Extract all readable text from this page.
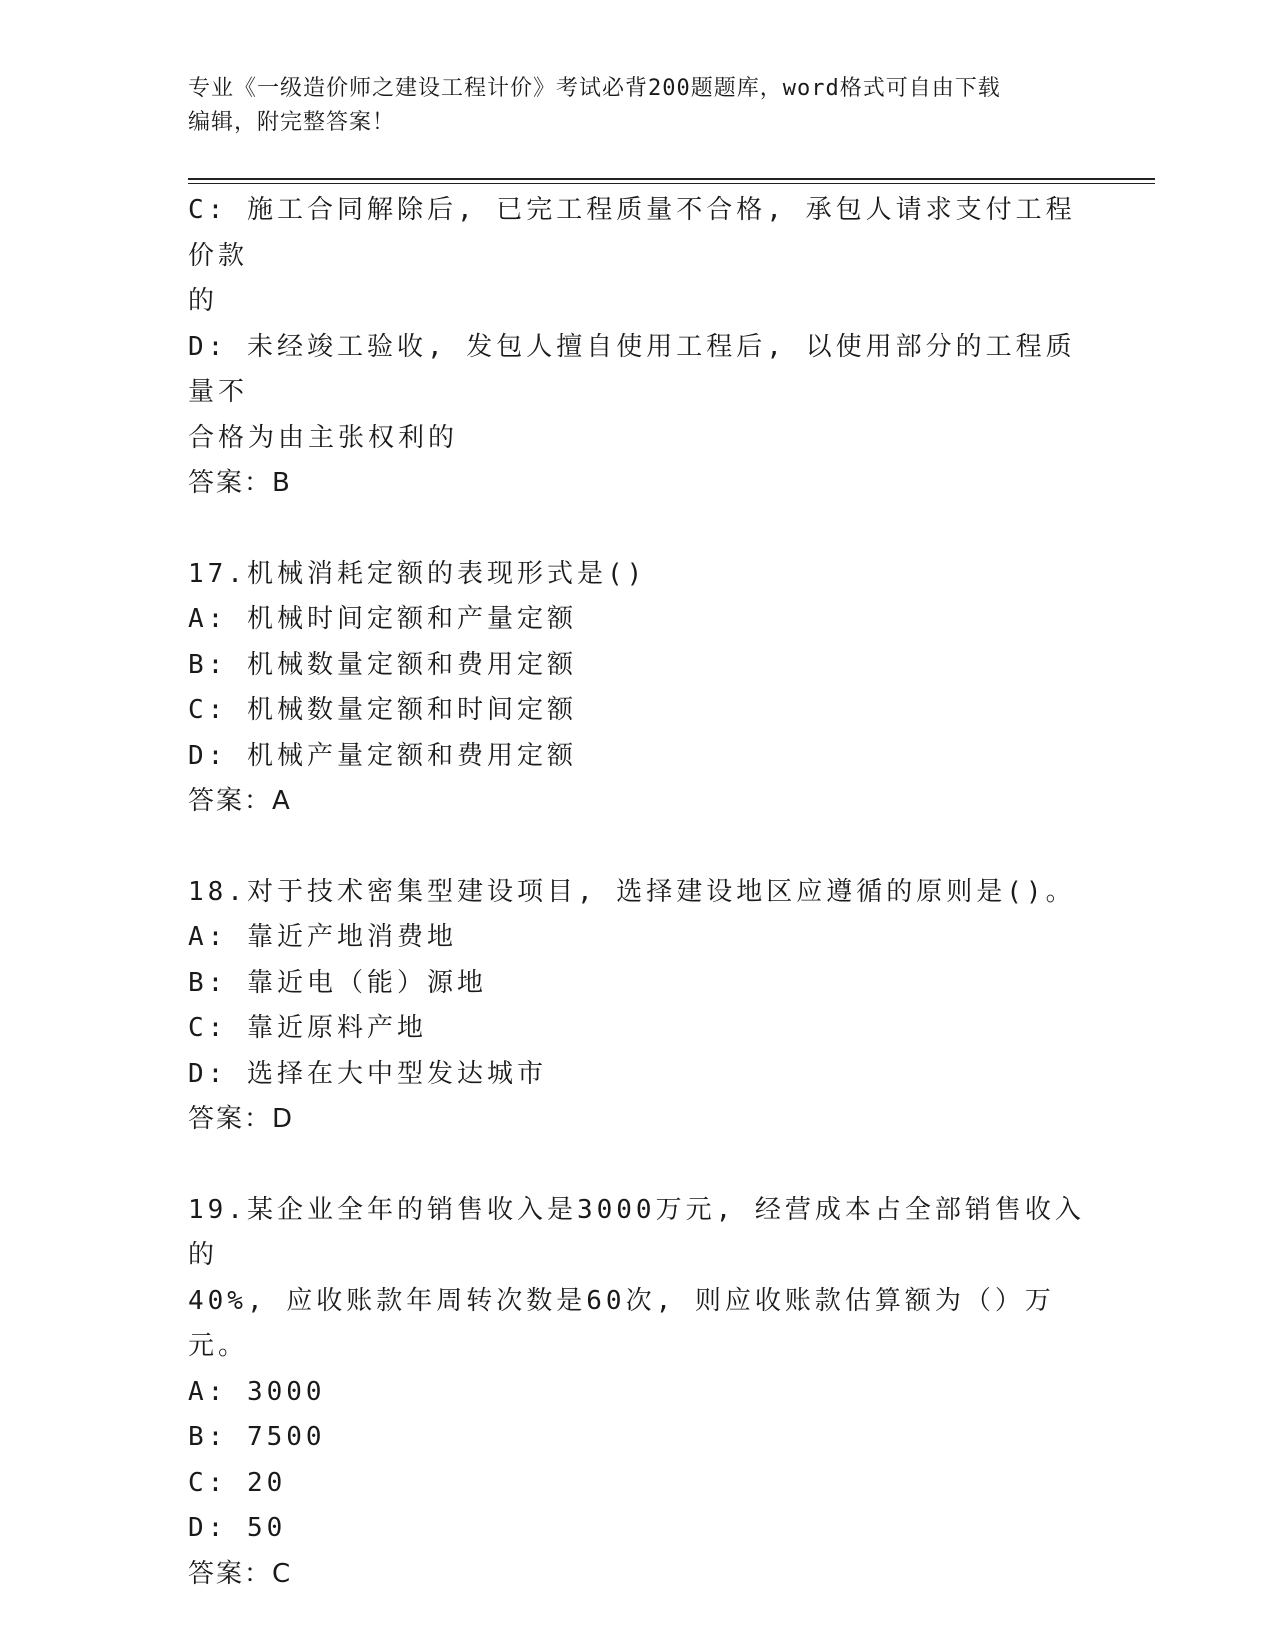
专业《一级造价师之建设工程计价》考试必背200题题库，word格式可自由下载
编辑，附完整答案！
C: 施工合同解除后, 已完工程质量不合格, 承包人请求支付工程价款
的
D: 未经竣工验收, 发包人擅自使用工程后, 以使用部分的工程质量不
合格为由主张权利的
答案：B
17.机械消耗定额的表现形式是()
A: 机械时间定额和产量定额
B: 机械数量定额和费用定额
C: 机械数量定额和时间定额
D: 机械产量定额和费用定额
答案：A
18.对于技术密集型建设项目, 选择建设地区应遵循的原则是()。
A: 靠近产地消费地
B: 靠近电（能）源地
C: 靠近原料产地
D: 选择在大中型发达城市
答案：D
19.某企业全年的销售收入是3000万元, 经营成本占全部销售收入的
40%, 应收账款年周转次数是60次, 则应收账款估算额为（）万元。
A: 3000
B: 7500
C: 20
D: 50
答案：C
